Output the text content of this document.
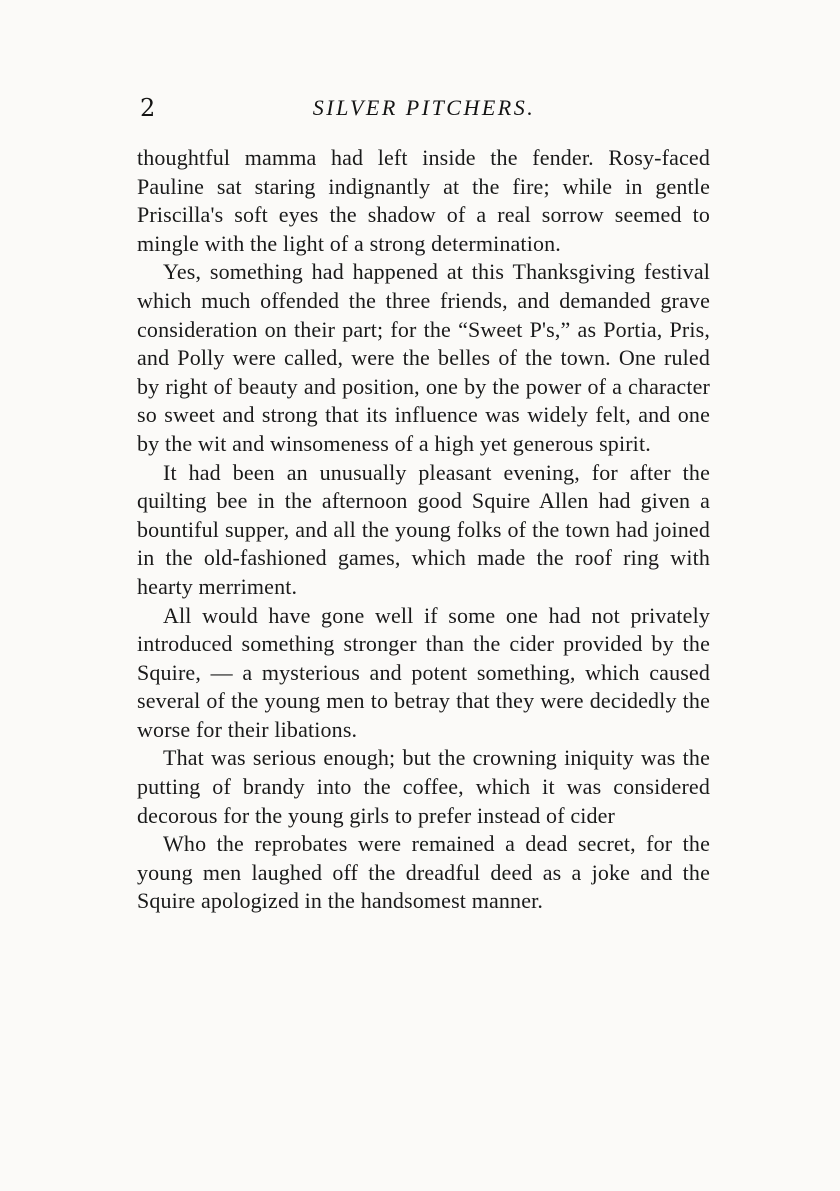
2	SILVER PITCHERS.

thoughtful mamma had left inside the fender. Rosy-faced Pauline sat staring indignantly at the fire; while in gentle Priscilla's soft eyes the shadow of a real sorrow seemed to mingle with the light of a strong determination.

Yes, something had happened at this Thanksgiving festival which much offended the three friends, and demanded grave consideration on their part; for the “Sweet P's,” as Portia, Pris, and Polly were called, were the belles of the town. One ruled by right of beauty and position, one by the power of a character so sweet and strong that its influence was widely felt, and one by the wit and winsomeness of a high yet generous spirit.

It had been an unusually pleasant evening, for after the quilting bee in the afternoon good Squire Allen had given a bountiful supper, and all the young folks of the town had joined in the old-fashioned games, which made the roof ring with hearty merriment.

All would have gone well if some one had not privately introduced something stronger than the cider provided by the Squire, — a mysterious and potent something, which caused several of the young men to betray that they were decidedly the worse for their libations.

That was serious enough; but the crowning iniquity was the putting of brandy into the coffee, which it was considered decorous for the young girls to prefer instead of cider

Who the reprobates were remained a dead secret, for the young men laughed off the dreadful deed as a joke and the Squire apologized in the handsomest manner.
